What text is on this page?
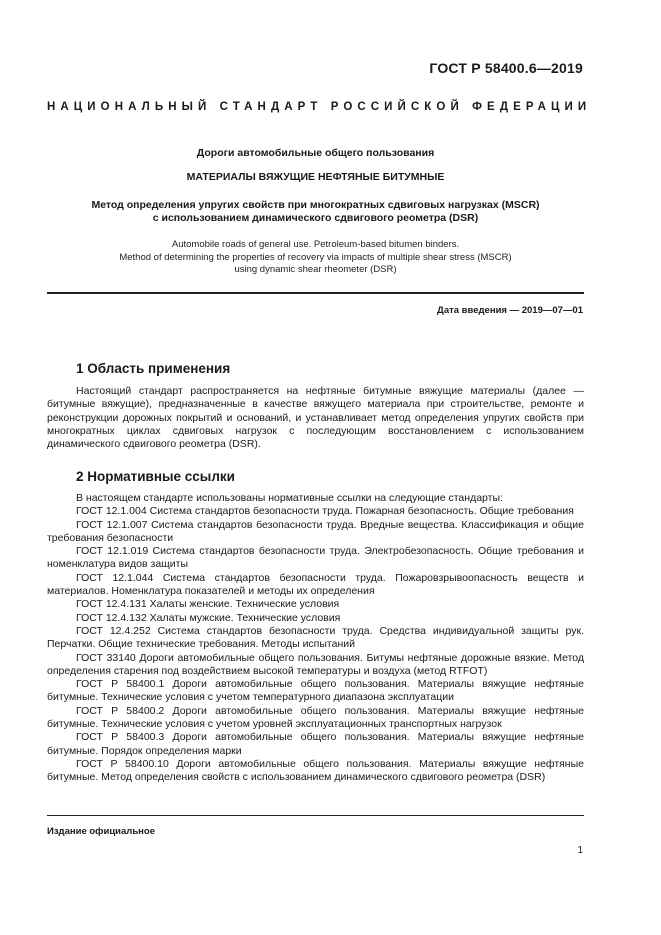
ГОСТ Р 58400.6—2019
НАЦИОНАЛЬНЫЙ СТАНДАРТ РОССИЙСКОЙ ФЕДЕРАЦИИ
Дороги автомобильные общего пользования
МАТЕРИАЛЫ ВЯЖУЩИЕ НЕФТЯНЫЕ БИТУМНЫЕ
Метод определения упругих свойств при многократных сдвиговых нагрузках (MSCR)
с использованием динамического сдвигового реометра (DSR)
Automobile roads of general use. Petroleum-based bitumen binders.
Method of determining the properties of recovery via impacts of multiple shear stress (MSCR)
using dynamic shear rheometer (DSR)
Дата введения — 2019—07—01
1 Область применения

Настоящий стандарт распространяется на нефтяные битумные вяжущие материалы (далее — битумные вяжущие), предназначенные в качестве вяжущего материала при строительстве, ремонте и реконструкции дорожных покрытий и оснований, и устанавливает метод определения упругих свойств при многократных циклах сдвиговых нагрузок с последующим восстановлением с использованием динамического сдвигового реометра (DSR).

2 Нормативные ссылки

В настоящем стандарте использованы нормативные ссылки на следующие стандарты:

ГОСТ 12.1.004 Система стандартов безопасности труда. Пожарная безопасность. Общие требования

ГОСТ 12.1.007 Система стандартов безопасности труда. Вредные вещества. Классификация и общие требования безопасности

ГОСТ 12.1.019 Система стандартов безопасности труда. Электробезопасность. Общие требования и номенклатура видов защиты

ГОСТ 12.1.044 Система стандартов безопасности труда. Пожаровзрывоопасность веществ и материалов. Номенклатура показателей и методы их определения

ГОСТ 12.4.131 Халаты женские. Технические условия

ГОСТ 12.4.132 Халаты мужские. Технические условия

ГОСТ 12.4.252 Система стандартов безопасности труда. Средства индивидуальной защиты рук. Перчатки. Общие технические требования. Методы испытаний

ГОСТ 33140 Дороги автомобильные общего пользования. Битумы нефтяные дорожные вязкие. Метод определения старения под воздействием высокой температуры и воздуха (метод RTFOT)

ГОСТ Р 58400.1 Дороги автомобильные общего пользования. Материалы вяжущие нефтяные битумные. Технические условия с учетом температурного диапазона эксплуатации

ГОСТ Р 58400.2 Дороги автомобильные общего пользования. Материалы вяжущие нефтяные битумные. Технические условия с учетом уровней эксплуатационных транспортных нагрузок

ГОСТ Р 58400.3 Дороги автомобильные общего пользования. Материалы вяжущие нефтяные битумные. Порядок определения марки

ГОСТ Р 58400.10 Дороги автомобильные общего пользования. Материалы вяжущие нефтяные битумные. Метод определения свойств с использованием динамического сдвигового реометра (DSR)

Издание официальное
1
